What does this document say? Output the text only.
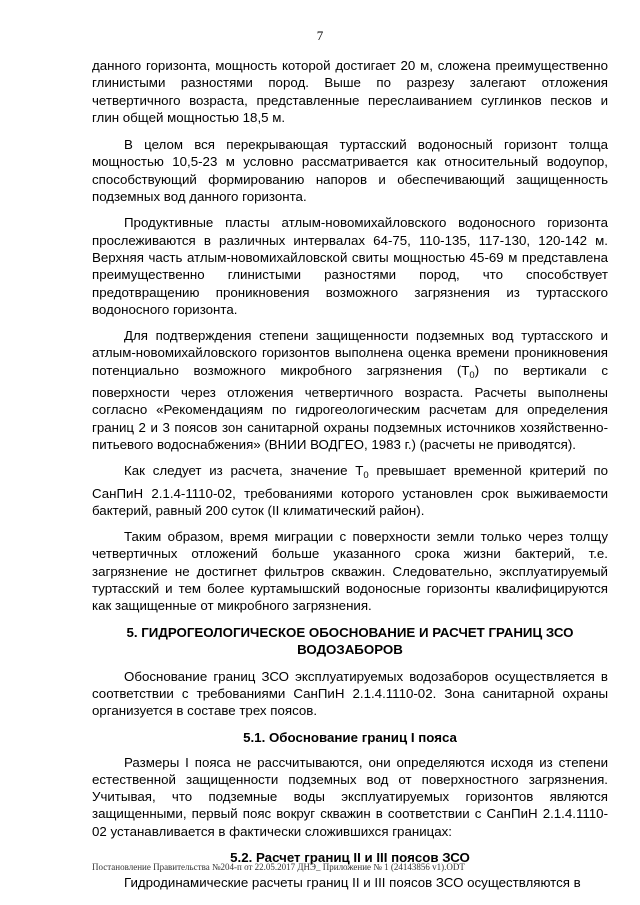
7

данного горизонта, мощность которой достигает 20 м, сложена преимущественно глинистыми разностями пород. Выше по разрезу залегают отложения четвертичного возраста, представленные переслаиванием суглинков песков и глин общей мощностью 18,5 м.

В целом вся перекрывающая туртасский водоносный горизонт толща мощностью 10,5-23 м условно рассматривается как относительный водоупор, способствующий формированию напоров и обеспечивающий защищенность подземных вод данного горизонта.

Продуктивные пласты атлым-новомихайловского водоносного горизонта прослеживаются в различных интервалах 64-75, 110-135, 117-130, 120-142 м. Верхняя часть атлым-новомихайловской свиты мощностью 45-69 м представлена преимущественно глинистыми разностями пород, что способствует предотвращению проникновения возможного загрязнения из туртасского водоносного горизонта.

Для подтверждения степени защищенности подземных вод туртасского и атлым-новомихайловского горизонтов выполнена оценка времени проникновения потенциально возможного микробного загрязнения $(T_0)$ по вертикали с поверхности через отложения четвертичного возраста. Расчеты выполнены согласно «Рекомендациям по гидрогеологическим расчетам для определения границ 2 и 3 поясов зон санитарной охраны подземных источников хозяйственно-питьевого водоснабжения» (ВНИИ ВОДГЕО, 1983 г.) (расчеты не приводятся).

Как следует из расчета, значение $T_0$ превышает временной критерий по СанПиН 2.1.4-1110-02, требованиями которого установлен срок выживаемости бактерий, равный 200 суток (II климатический район).

Таким образом, время миграции с поверхности земли только через толщу четвертичных отложений больше указанного срока жизни бактерий, т.е. загрязнение не достигнет фильтров скважин. Следовательно, эксплуатируемый туртасский и тем более куртамышский водоносные горизонты квалифицируются как защищенные от микробного загрязнения.

5. ГИДРОГЕОЛОГИЧЕСКОЕ ОБОСНОВАНИЕ И РАСЧЕТ ГРАНИЦ ЗСО ВОДОЗАБОРОВ

Обоснование границ ЗСО эксплуатируемых водозаборов осуществляется в соответствии с требованиями СанПиН 2.1.4.1110-02. Зона санитарной охраны организуется в составе трех поясов.

5.1. Обоснование границ I пояса

Размеры I пояса не рассчитываются, они определяются исходя из степени естественной защищенности подземных вод от поверхностного загрязнения. Учитывая, что подземные воды эксплуатируемых горизонтов являются защищенными, первый пояс вокруг скважин в соответствии с СанПиН 2.1.4.1110-02 устанавливается в фактически сложившихся границах:

5.2. Расчет границ II и III поясов ЗСО

Гидродинамические расчеты границ II и III поясов ЗСО осуществляются в

Постановление Правительства №204-п от 22.05.2017 ДНЭ_ Приложение № 1 (24143856 v1).ODT
